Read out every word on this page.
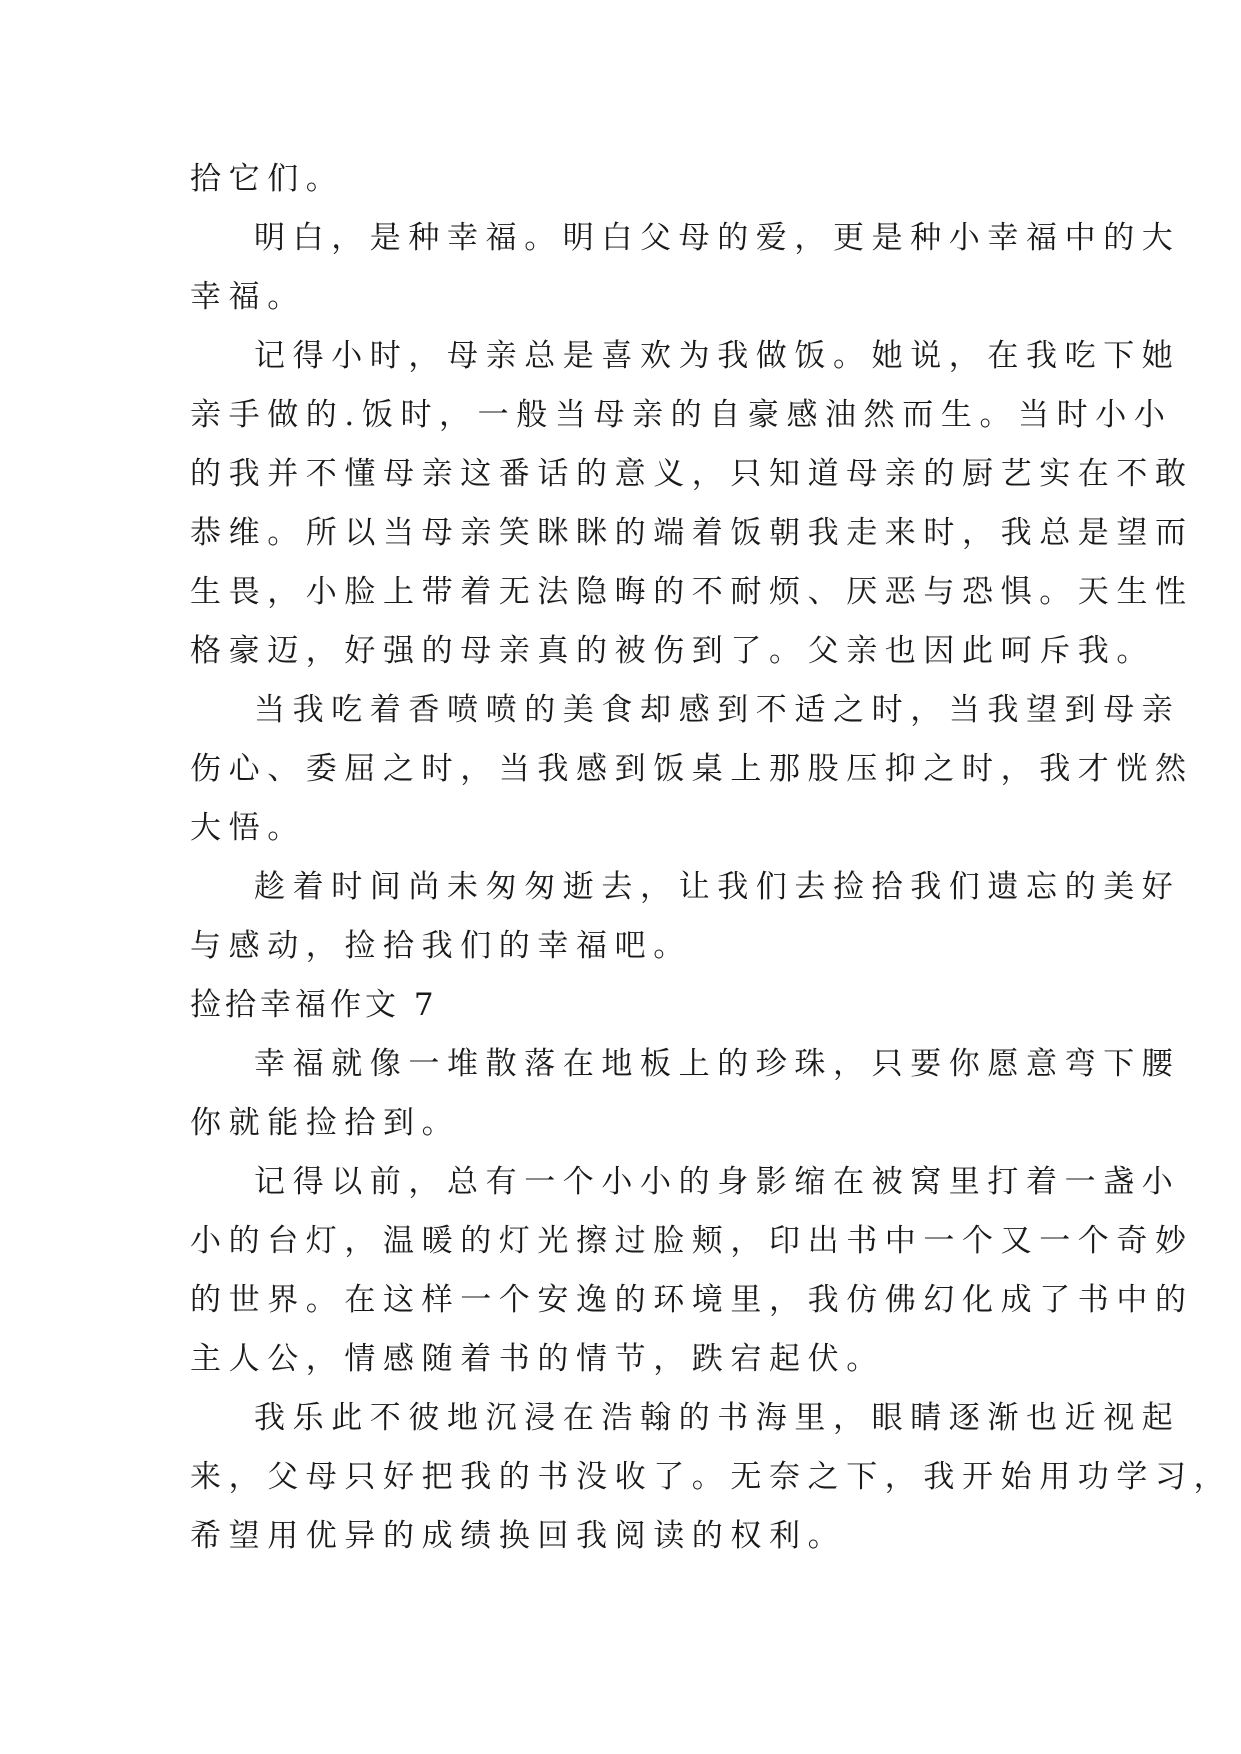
拾它们。
明白，是种幸福。明白父母的爱，更是种小幸福中的大
幸福。
记得小时，母亲总是喜欢为我做饭。她说，在我吃下她
亲手做的.饭时，一般当母亲的自豪感油然而生。当时小小
的我并不懂母亲这番话的意义，只知道母亲的厨艺实在不敢
恭维。所以当母亲笑眯眯的端着饭朝我走来时，我总是望而
生畏，小脸上带着无法隐晦的不耐烦、厌恶与恐惧。天生性
格豪迈，好强的母亲真的被伤到了。父亲也因此呵斥我。
当我吃着香喷喷的美食却感到不适之时，当我望到母亲
伤心、委屈之时，当我感到饭桌上那股压抑之时，我才恍然
大悟。
趁着时间尚未匆匆逝去，让我们去捡拾我们遗忘的美好
与感动，捡拾我们的幸福吧。
捡拾幸福作文 7
幸福就像一堆散落在地板上的珍珠，只要你愿意弯下腰
你就能捡拾到。
记得以前，总有一个小小的身影缩在被窝里打着一盏小
小的台灯，温暖的灯光擦过脸颊，印出书中一个又一个奇妙
的世界。在这样一个安逸的环境里，我仿佛幻化成了书中的
主人公，情感随着书的情节，跌宕起伏。
我乐此不彼地沉浸在浩翰的书海里，眼睛逐渐也近视起
来，父母只好把我的书没收了。无奈之下，我开始用功学习，
希望用优异的成绩换回我阅读的权利。
